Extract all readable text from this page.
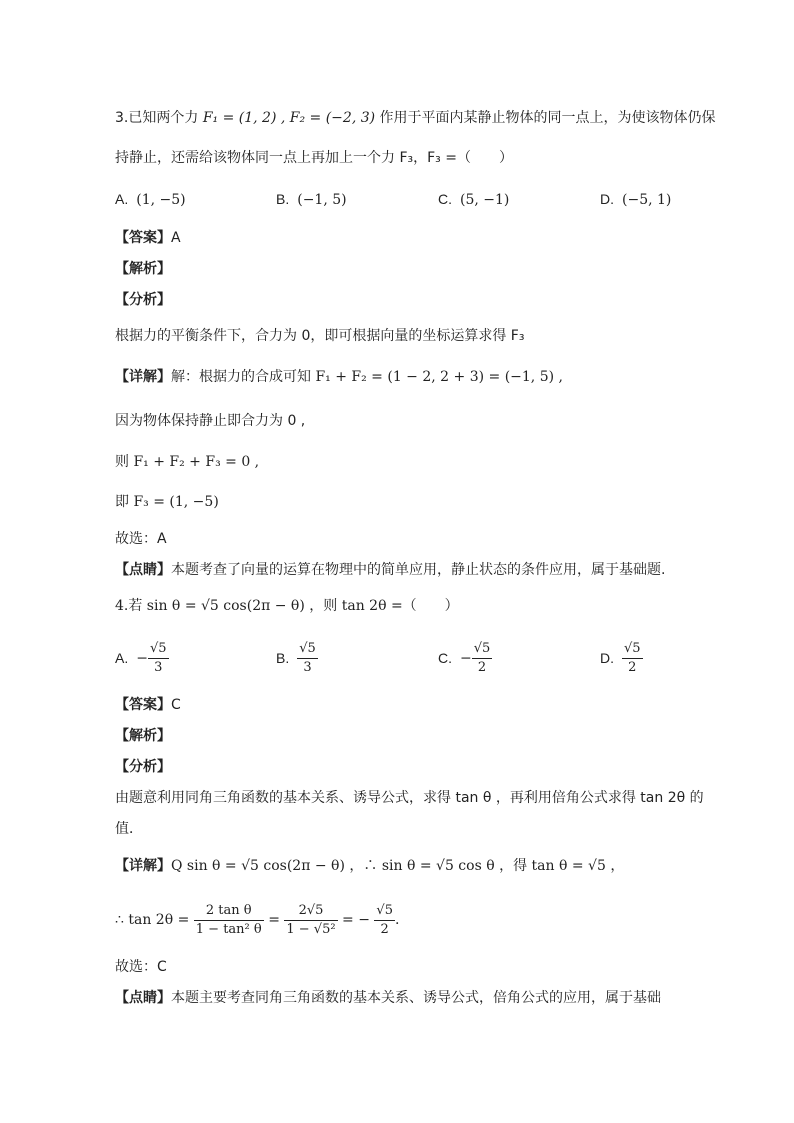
3.已知两个力 F₁ = (1, 2) , F₂ = (−2, 3) 作用于平面内某静止物体的同一点上，为使该物体仍保
持静止，还需给该物体同一点上再加上一个力 F₃，F₃ =（　　）
A. (1, −5)	B. (−1, 5)	C. (5, −1)	D. (−5, 1)
【答案】A
【解析】
【分析】
根据力的平衡条件下，合力为 0，即可根据向量的坐标运算求得 F₃
【详解】解：根据力的合成可知 F₁ + F₂ = (1 − 2, 2 + 3) = (−1, 5) ,
因为物体保持静止即合力为 0 ,
则 F₁ + F₂ + F₃ = 0 ,
即 F₃ = (1, −5)
故选：A
【点睛】本题考查了向量的运算在物理中的简单应用，静止状态的条件应用，属于基础题.
4.若 sin θ = √5 cos(2π − θ) ，则 tan 2θ =（　　）
A. − $\frac{√5}{3}$	B. $\frac{√5}{3}$	C. − $\frac{√5}{2}$	D. $\frac{√5}{2}$
【答案】C
【解析】
【分析】
由题意利用同角三角函数的基本关系、诱导公式，求得 tan θ ，再利用倍角公式求得 tan 2θ 的
值．
【详解】Q sin θ = √5 cos(2π − θ) ，∴ sin θ = √5 cos θ ，得 tan θ = √5 ，
∴ $\tan 2\theta = \frac{\text{2 tan θ}}{\text{1 − tan² θ}} = \frac{2√5}{\text{1 − √5²}}$ = − $\frac{√5}{2}$ .
故选：C
【点睛】本题主要考查同角三角函数的基本关系、诱导公式，倍角公式的应用，属于基础
